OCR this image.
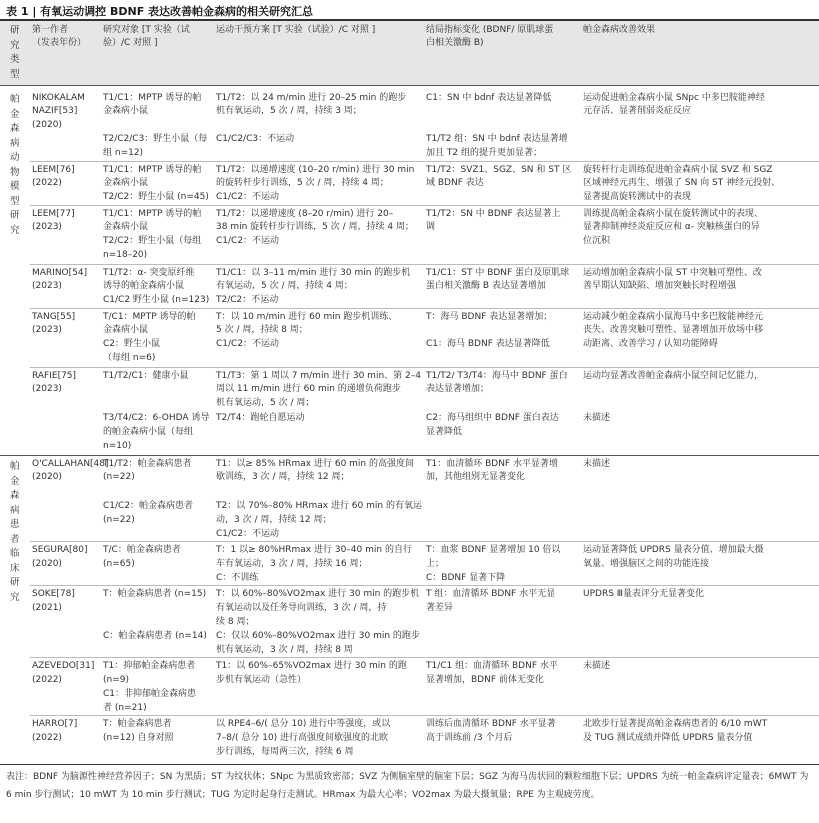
表 1 | 有氧运动调控 BDNF 表达改善帕金森病的相关研究汇总
研究类型
第一作者
（发表年份）
研究对象 [T 实验（试
验）/C 对照 ]
运动干预方案 [T 实验（试验）/C 对照 ]	结局指标变化 (BDNF/ 原肌球蛋
白相关激酶 B)
帕金森病改善效果
帕金森病动物模型研究
帕金森病患者临床研究
NIKOKALAM
NAZIF[53]
(2020)
T1/C1：MPTP 诱导的帕
金森病小鼠
T2/C2/C3：野生小鼠（每
组 n=12)
T1/T2：以 24 m/min 进行 20–25 min 的跑步
机有氧运动，5 次 / 周，持续 3 周；
C1/C2/C3：不运动
C1：SN 中 bdnf 表达显著降低
T1/T2 组：SN 中 bdnf 表达显著增
加且 T2 组的提升更加显著；
运动促进帕金森病小鼠 SNpc 中多巴胺能神经
元存活、显著削弱炎症反应
LEEM[76]
(2022)
T1/C1：MPTP 诱导的帕
金森病小鼠
T2/C2：野生小鼠 (n=45)
T1/T2：以递增速度 (10–20 r/min) 进行 30 min
的旋转杆步行训练，5 次 / 周，持续 4 周；
C1/C2：不运动
T1/T2：SVZ1、SGZ、SN 和 ST 区
域 BDNF 表达
旋转杆行走训练促进帕金森病小鼠 SVZ 和 SGZ
区域神经元再生、增强了 SN 向 ST 神经元投射、
显著提高旋转测试中的表现
LEEM[77]
(2023)
T1/C1：MPTP 诱导的帕
金森病小鼠
T2/C2：野生小鼠（每组
n=18–20)
T1/T2：以递增速度 (8–20 r/min) 进行 20–
38 min 旋转杆步行训练，5 次 / 周，持续 4 周；
C1/C2：不运动
T1/T2：SN 中 BDNF 表达显著上
调
训练提高帕金森病小鼠在旋转测试中的表现、
显著抑制神经炎症反应和 α- 突触核蛋白的异
位沉积
MARINO[54]
(2023)
T1/T2：α- 突变原纤维
诱导的帕金森病小鼠
C1/C2 野生小鼠 (n=123)
T1/C1：以 3–11 m/min 进行 30 min 的跑步机
有氧运动，5 次 / 周，持续 4 周；
T2/C2：不运动
T1/C1：ST 中 BDNF 蛋白及原肌球
蛋白相关激酶 B 表达显著增加
运动增加帕金森病小鼠 ST 中突触可塑性、改
善早期认知缺陷、增加突触长时程增强
TANG[55]
(2023)
T/C1：MPTP 诱导的帕
金森病小鼠
C2：野生小鼠
（每组 n=6)
T：以 10 m/min 进行 60 min 跑步机训练、
5 次 / 周，持续 8 周；
C1/C2：不运动
T：海马 BDNF 表达显著增加；
C1：海马 BDNF 表达显著降低
运动减少帕金森病小鼠海马中多巴胺能神经元
丧失、改善突触可塑性、显著增加开放场中移
动距离、改善学习 / 认知功能障碍
RAFIE[75]
(2023)
T1/T2/C1：健康小鼠
T3/T4/C2：6-OHDA 诱导
的帕金森病小鼠（每组
n=10)
T1/T3：第 1 周以 7 m/min 进行 30 min、第 2–4
周以 11 m/min 进行 60 min 的递增负荷跑步
机有氧运动，5 次 / 周；
T2/T4：跑轮自愿运动
T1/T2/ T3/T4：海马中 BDNF 蛋白
表达显著增加；
C2：海马组织中 BDNF 蛋白表达
显著降低
运动均显著改善帕金森病小鼠空间记忆能力，
未描述
O'CALLAHAN[48]
(2020)
T1/T2：帕金森病患者
(n=22)
C1/C2：帕金森病患者
(n=22)
T1：以≥ 85% HRmax 进行 60 min 的高强度间
歇训练，3 次 / 周，持续 12 周；
T2：以 70%–80% HRmax 进行 60 min 的有氧运
动，3 次 / 周，持续 12 周；
C1/C2：不运动
T1：血清循环 BDNF 水平显著增
加，其他组别无显著变化
未描述
SEGURA[80]
(2020)
T/C：帕金森病患者
(n=65)
T：1 以≥ 80%HRmax 进行 30–40 min 的自行
车有氧运动，3 次 / 周，持续 16 周；
C：不训练
T：血浆 BDNF 显著增加 10 倍以
上；
C：BDNF 显著下降
运动显著降低 UPDRS 量表分值、增加最大摄
氧量、增强脑区之间的功能连接
SOKE[78]
(2021)
T：帕金森病患者 (n=15)
C：帕金森病患者 (n=14)
T：以 60%–80%VO2max 进行 30 min 的跑步机
有氧运动以及任务导向训练，3 次 / 周，持
续 8 周；
C：仅以 60%–80%VO2max 进行 30 min 的跑步
机有氧运动，3 次 / 周，持续 8 周
T 组：血清循环 BDNF 水平无显
著差异
UPDRS Ⅲ量表评分无显著变化
AZEVEDO[31]
(2022)
T1：抑郁帕金森病患者
(n=9)
C1：非抑郁帕金森病患
者 (n=21)
T1：以 60%–65%VO2max 进行 30 min 的跑
步机有氧运动（急性）
T1/C1 组：血清循环 BDNF 水平
显著增加，BDNF 前体无变化
未描述
HARRO[7]
(2022)
T：帕金森病患者
(n=12) 自身对照
以 RPE4–6/( 总分 10) 进行中等强度，或以
7–8/( 总分 10) 进行高强度间歇强度的北欧
步行训练，每周两三次，持续 6 周
训练后血清循环 BDNF 水平显著
高于训练前 /3 个月后
北欧步行显著提高帕金森病患者的 6/10 mWT
及 TUG 测试成绩并降低 UPDRS 量表分值
表注：BDNF 为脑源性神经营养因子；SN 为黑质；ST 为纹状体；SNpc 为黑质致密部；SVZ 为侧脑室壁的脑室下层；SGZ 为海马齿状回的颗粒细胞下层；UPDRS 为统一帕金森病评定量表；6MWT 为 6 min 步行测试；10 mWT 为 10 min 步行测试；TUG 为定时起身行走测试。HRmax 为最大心率；VO2max 为最大摄氧量；RPE 为主观疲劳度。
